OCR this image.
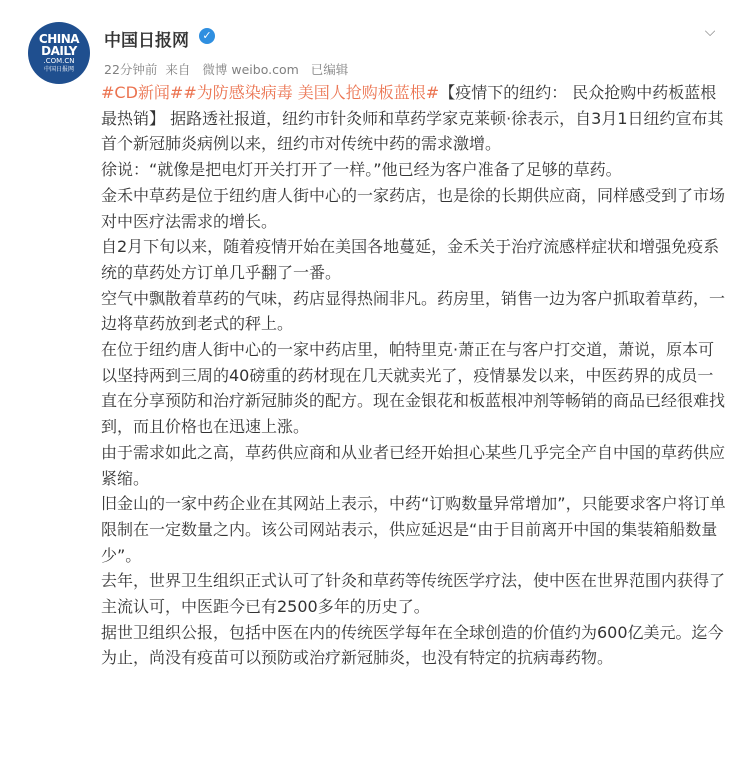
CHINA
DAILY
.COM.CN
中国日报网
中国日报网	✓
22分钟前 来自 微博 weibo.com 已编辑
⌵

#CD新闻##为防感染病毒 美国人抢购板蓝根#【疫情下的纽约： 民众抢购中药板蓝根最热销】 据路透社报道，纽约市针灸师和草药学家克莱顿·徐表示，自3月1日纽约宣布其首个新冠肺炎病例以来，纽约市对传统中药的需求激增。

徐说：“就像是把电灯开关打开了一样。”他已经为客户准备了足够的草药。

金禾中草药是位于纽约唐人街中心的一家药店，也是徐的长期供应商，同样感受到了市场对中医疗法需求的增长。

自2月下旬以来，随着疫情开始在美国各地蔓延，金禾关于治疗流感样症状和增强免疫系统的草药处方订单几乎翻了一番。

空气中飘散着草药的气味，药店显得热闹非凡。药房里，销售一边为客户抓取着草药，一边将草药放到老式的秤上。

在位于纽约唐人街中心的一家中药店里，帕特里克·萧正在与客户打交道，萧说，原本可以坚持两到三周的40磅重的药材现在几天就卖光了，疫情暴发以来，中医药界的成员一直在分享预防和治疗新冠肺炎的配方。现在金银花和板蓝根冲剂等畅销的商品已经很难找到，而且价格也在迅速上涨。

由于需求如此之高，草药供应商和从业者已经开始担心某些几乎完全产自中国的草药供应紧缩。

旧金山的一家中药企业在其网站上表示，中药“订购数量异常增加”，只能要求客户将订单限制在一定数量之内。该公司网站表示，供应延迟是“由于目前离开中国的集装箱船数量少”。

去年，世界卫生组织正式认可了针灸和草药等传统医学疗法，使中医在世界范围内获得了主流认可，中医距今已有2500多年的历史了。

据世卫组织公报，包括中医在内的传统医学每年在全球创造的价值约为600亿美元。迄今为止，尚没有疫苗可以预防或治疗新冠肺炎，也没有特定的抗病毒药物。
